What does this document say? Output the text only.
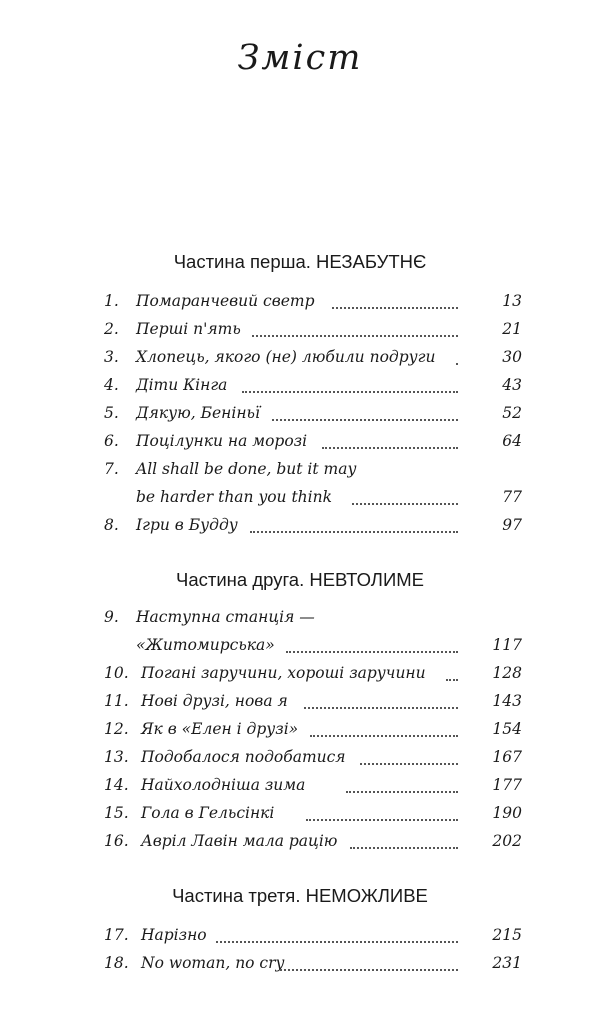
Зміст
Частина перша. НЕЗАБУТНЄ
1. Помаранчевий светр	13
2. Перші п'ять	21
3. Хлопець, якого (не) любили подруги	30
4. Діти Кінга	43
5. Дякую, Беніньї	52
6. Поцілунки на морозі	64
7. All shall be done, but it may
be harder than you think	77
8. Ігри в Будду	97
Частина друга. НЕВТОЛИМЕ
9. Наступна станція —
«Житомирська»	117
10. Погані заручини, хороші заручини	128
11. Нові друзі, нова я	143
12. Як в «Елен і друзі»	154
13. Подобалося подобатися	167
14. Найхолодніша зима	177
15. Гола в Гельсінкі	190
16. Авріл Лавін мала рацію	202
Частина третя. НЕМОЖЛИВЕ
17. Нарізно	215
18. No woman, no cry	231
